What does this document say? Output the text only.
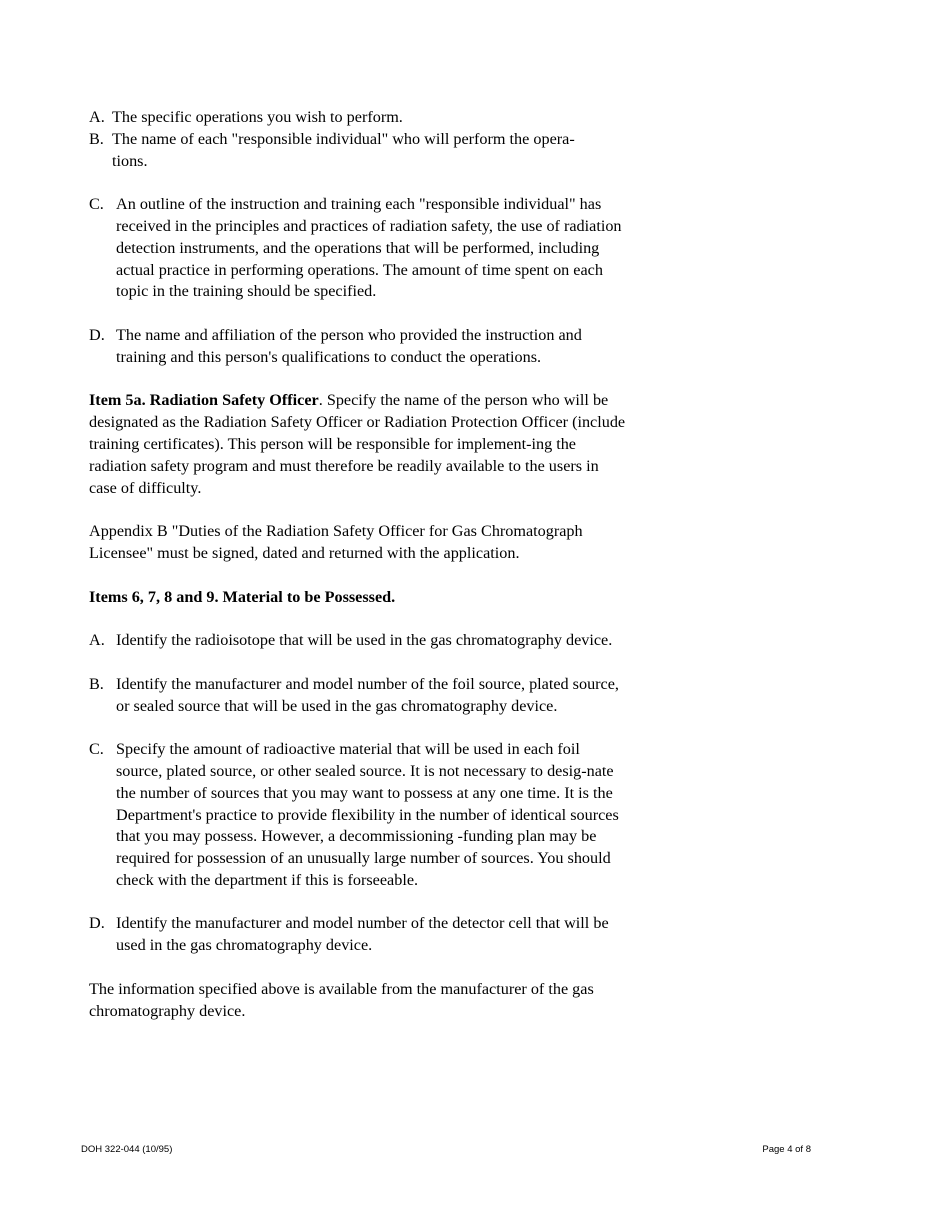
A. The specific operations you wish to perform.
B. The name of each "responsible individual" who will perform the opera-
tions.
C. An outline of the instruction and training each "responsible individual" has received in the principles and practices of radiation safety, the use of radiation detection instruments, and the operations that will be performed, including actual practice in performing operations. The amount of time spent on each topic in the training should be specified.
D. The name and affiliation of the person who provided the instruction and training and this person's qualifications to conduct the operations.

Item 5a. Radiation Safety Officer. Specify the name of the person who will be designated as the Radiation Safety Officer or Radiation Protection Officer (include training certificates). This person will be responsible for implement-ing the radiation safety program and must therefore be readily available to the users in case of difficulty.

Appendix B "Duties of the Radiation Safety Officer for Gas Chromatograph Licensee" must be signed, dated and returned with the application.

Items 6, 7, 8 and 9. Material to be Possessed.

A. Identify the radioisotope that will be used in the gas chromatography device.
B. Identify the manufacturer and model number of the foil source, plated source, or sealed source that will be used in the gas chromatography device.
C. Specify the amount of radioactive material that will be used in each foil source, plated source, or other sealed source. It is not necessary to desig-nate the number of sources that you may want to possess at any one time. It is the Department's practice to provide flexibility in the number of identical sources that you may possess. However, a decommissioning -funding plan may be required for possession of an unusually large number of sources. You should check with the department if this is forseeable.
D. Identify the manufacturer and model number of the detector cell that will be used in the gas chromatography device.

The information specified above is available from the manufacturer of the gas chromatography device.

DOH 322-044 (10/95)	Page 4 of 8
